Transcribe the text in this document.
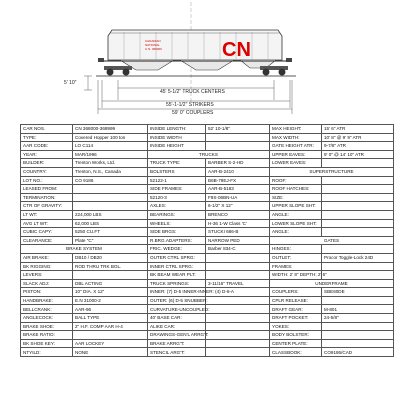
CANADIAN
NATIONAL
C.N. 368000	CN
5' 10"
45' 5-1/2" TRUCK CENTERS
55'-1-1/2" STRIKERS
59' 0" COUPLERS
CAR NOS.	CN 368000-368999	INSIDE LENGTH:	52' 10-1/8"	MAX HEIGHT:	15' 6" ATR
TYPE:	Covered Hopper 100 ton	INSIDE WIDTH		MAX WIDTH:	10' 8" @ 9' 9" ATR
AAR CODE:	LO C114	INSIDE HEIGHT		GATE HEIGHT ATR:	9-7/8" ATR
YEAR:	MAR/1996	TRUCKS		UPPER EAVES:	9' 0" @ 14' 10" ATR
BUILDER:	Trenton Works, Ltd.	TRUCK TYPE:	BARBER S-2-HD	LOWER EAVES:	
COUNTRY:	Trenton, N.S., Canada	BOLSTERS	AAR-B-2410	SUPERSTRUCTURE	
LOT NO.:	CO 9186	52122-1	B6B-79EJ-FX	ROOF:	
LEASED FROM:		SIDE FRAMES:	AAR-B-5183	ROOF HATCHES:	
TERMINATION:		52120-3	F9S-06BN-UA	SIZE:	
CTR OF GRAVITY:		AXLES:	6-1/2" X 12"	UPPER SLOPE SHT:	
LT WT:	224,000 LBS	BEARINGS:	BRENCO	ANGLE:	
AVG LT WT:	62,000 LBS	WHEELS:	H-36 1-W Class 'C'	LOWER SLOPE SHT:	
CUBIC CAPY:	5250 CU.FT	SIDE BRGS:	STUCKI 686-B	ANGLE:	
CLEARANCE:	Plate "C"	R.BRG.ADAPTERS:	NARROW PED	GATES	
BRAKE SYSTEM		FRIC. WEDGE:	Barber 834-C	HINGES:	
AIR BRAKE:	DB10 / DB20	OUTER CTRL SPRG:		OUTLET:	Procor Toggle-Lock 24D
BK RIGGING:	ROD THRU TRK BOL.	INNER CTRL SPRG:		FRAMES:	
LEVERS:		BK BEAM WEAR PLT:		WIDTH: 2' 8" DEPTH: 2' 6"	
SLACK ADJ:	DBL ACTING	TRUCK SPRINGS:	3-11/16" TRAVEL	UNDERFRAME	
PISTON:	10" DIA. X 12"	INNER: (7) D-5 INNER-INNER: (4) D-6-A		COUPLERS:	SBE60DE
HANDBRAKE:	E.N 31000-2	OUTER: (6) D-5 SNUBBER:		CPLR RELEASE:	
BELLCRANK:	AAR-96	CURVATURE-UNCOUPLED:		DRAFT GEAR:	M-801
ANGLECOCK:	BALL TYPE	40' BASE CAR:		DRAFT POCKET:	24-5/8"
BRAKE SHOE:	2" H.F. COMP AAR H-4	ALIKE CAR:		YOKES:	
BRAKE RATIO:		DRAWINGS-GEN'L ARRG'T:		BODY BOLSTER:	
BK SHOE KEY:	AAR LOCKEY	BRAKE ARRG'T:		CENTER PLATE:	
NTYILD:	NONE	STENCIL ARG'T:		CLASSBOOK:	CO9186/CAD
